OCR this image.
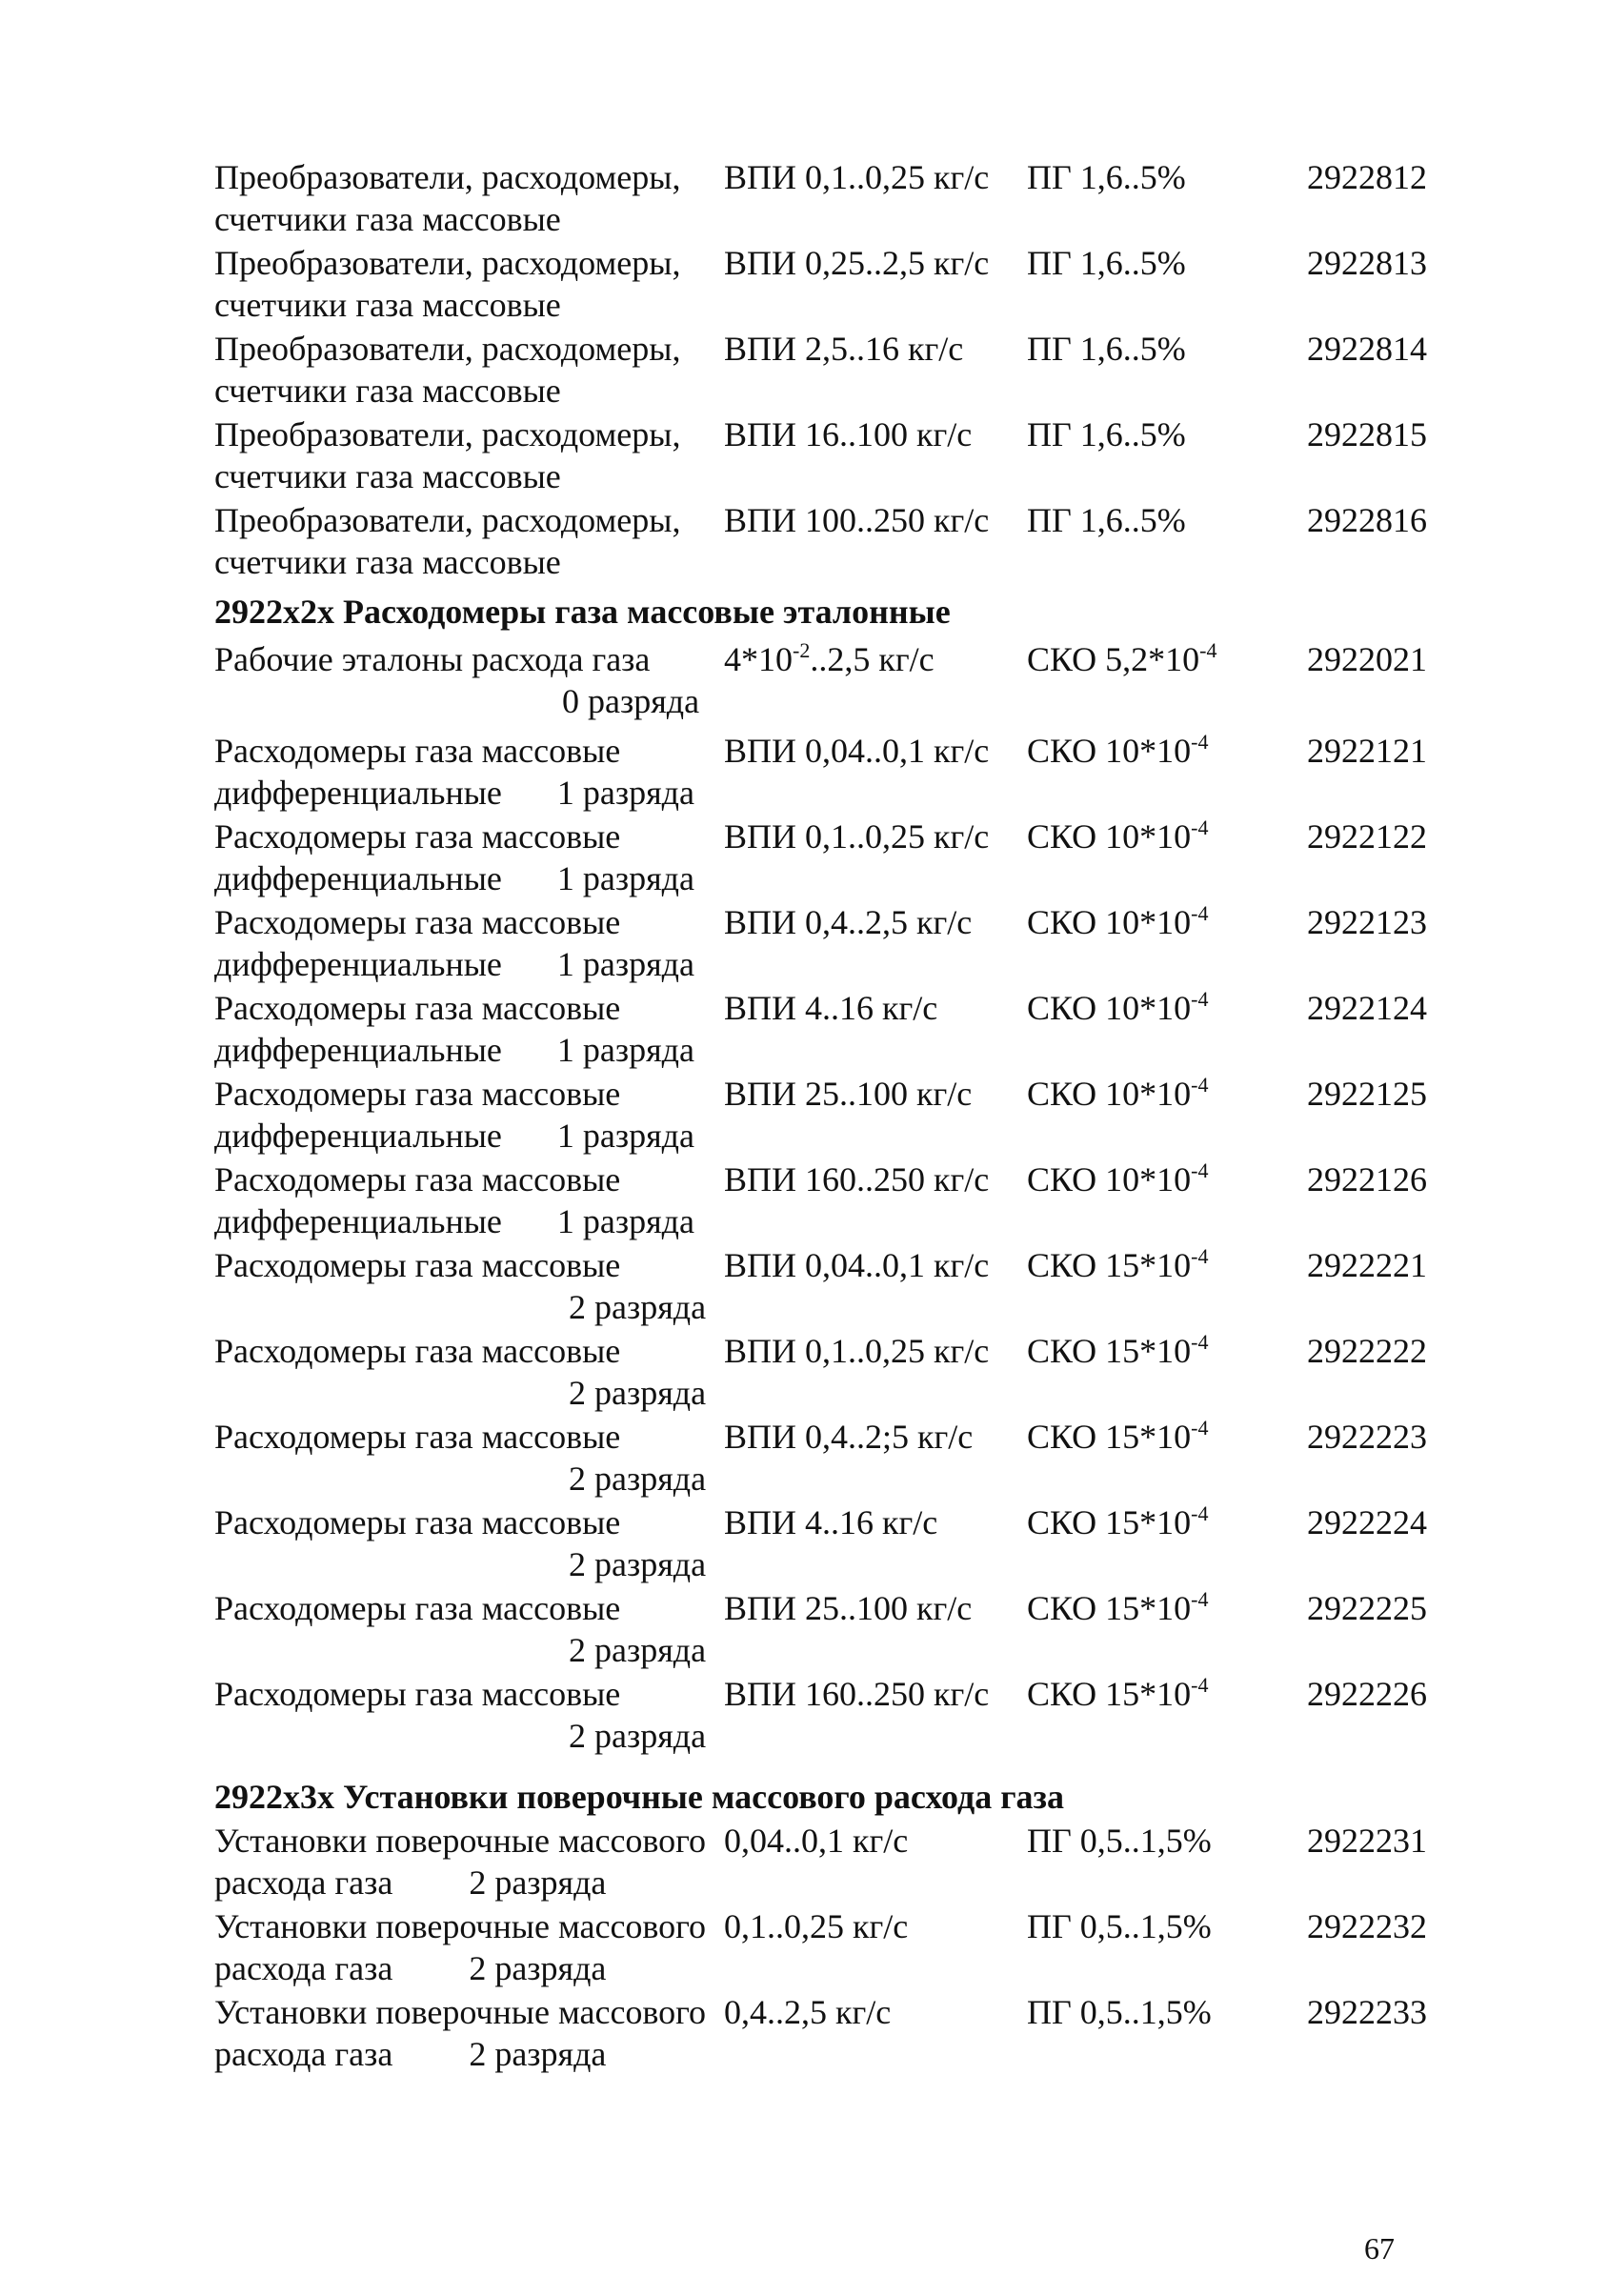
Преобразователи, расходомеры,
счетчики газа массовые
ВПИ 0,1..0,25 кг/с ПГ 1,6..5%	2922812
Преобразователи, расходомеры,
счетчики газа массовые
ВПИ 0,25..2,5 кг/с ПГ 1,6..5%	2922813
Преобразователи, расходомеры,
счетчики газа массовые
ВПИ 2,5..16 кг/с ПГ 1,6..5%	2922814
Преобразователи, расходомеры,
счетчики газа массовые
ВПИ 16..100 кг/с ПГ 1,6..5%	2922815
Преобразователи, расходомеры,
счетчики газа массовые
ВПИ 100..250 кг/с ПГ 1,6..5%	2922816
2922х2х Расходомеры газа массовые эталонные
Рабочие эталоны расхода газа
0 разряда
$4*10^{-2}..2,5$ кг/с	СКО $5,2*10^{-4}$	2922021
Расходомеры газа массовые
дифференциальные 1 разряда
ВПИ 0,04..0,1 кг/с СКО $10*10^{-4}$	2922121
Расходомеры газа массовые
дифференциальные 1 разряда
ВПИ 0,1..0,25 кг/с СКО $10*10^{-4}$	2922122
Расходомеры газа массовые
дифференциальные 1 разряда
ВПИ 0,4..2,5 кг/с СКО $10*10^{-4}$	2922123
Расходомеры газа массовые
дифференциальные 1 разряда
ВПИ 4..16 кг/с	СКО $10*10^{-4}$	2922124
Расходомеры газа массовые
дифференциальные 1 разряда
ВПИ 25..100 кг/с СКО $10*10^{-4}$	2922125
Расходомеры газа массовые
дифференциальные 1 разряда
ВПИ 160..250 кг/с СКО $10*10^{-4}$	2922126
Расходомеры газа массовые
2 разряда
ВПИ 0,04..0,1 кг/с СКО $15*10^{-4}$	2922221
Расходомеры газа массовые
2 разряда
ВПИ 0,1..0,25 кг/с СКО $15*10^{-4}$	2922222
Расходомеры газа массовые
2 разряда
ВПИ 0,4..2;5 кг/с СКО $15*10^{-4}$	2922223
Расходомеры газа массовые
2 разряда
ВПИ 4..16 кг/с	СКО $15*10^{-4}$	2922224
Расходомеры газа массовые
2 разряда
ВПИ 25..100 кг/с СКО $15*10^{-4}$	2922225
Расходомеры газа массовые
2 разряда
ВПИ 160..250 кг/с СКО $15*10^{-4}$	2922226
2922х3х Установки поверочные массового расхода газа
Установки поверочные массового
расхода газа 2 разряда
0,04..0,1 кг/с	ПГ 0,5..1,5%	2922231
Установки поверочные массового
расхода газа 2 разряда
0,1..0,25 кг/с	ПГ 0,5..1,5%	2922232
Установки поверочные массового
расхода газа 2 разряда
0,4..2,5 кг/с	ПГ 0,5..1,5%	2922233
67
